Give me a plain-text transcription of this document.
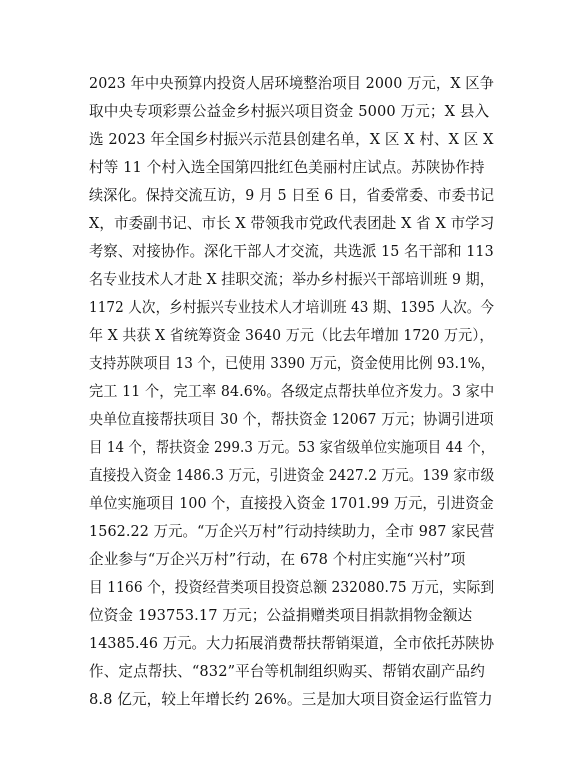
2023 年中央预算内投资人居环境整治项目 2000 万元，X 区争
取中央专项彩票公益金乡村振兴项目资金 5000 万元；X 县入
选 2023 年全国乡村振兴示范县创建名单，X 区 X 村、X 区 X
村等 11 个村入选全国第四批红色美丽村庄试点。苏陕协作持
续深化。保持交流互访，9 月 5 日至 6 日，省委常委、市委书记
X，市委副书记、市长 X 带领我市党政代表团赴 X 省 X 市学习
考察、对接协作。深化干部人才交流，共选派 15 名干部和 113
名专业技术人才赴 X 挂职交流；举办乡村振兴干部培训班 9 期，
1172 人次，乡村振兴专业技术人才培训班 43 期、1395 人次。今
年 X 共获 X 省统筹资金 3640 万元（比去年增加 1720 万元），
支持苏陕项目 13 个，已使用 3390 万元，资金使用比例 93.1%，
完工 11 个，完工率 84.6%。各级定点帮扶单位齐发力。3 家中
央单位直接帮扶项目 30 个，帮扶资金 12067 万元；协调引进项
目 14 个，帮扶资金 299.3 万元。53 家省级单位实施项目 44 个，
直接投入资金 1486.3 万元，引进资金 2427.2 万元。139 家市级
单位实施项目 100 个，直接投入资金 1701.99 万元，引进资金
1562.22 万元。“万企兴万村”行动持续助力，全市 987 家民营
企业参与“万企兴万村”行动，在 678 个村庄实施“兴村”项
目 1166 个，投资经营类项目投资总额 232080.75 万元，实际到
位资金 193753.17 万元；公益捐赠类项目捐款捐物金额达
14385.46 万元。大力拓展消费帮扶帮销渠道，全市依托苏陕协
作、定点帮扶、“832”平台等机制组织购买、帮销农副产品约
8.8 亿元，较上年增长约 26%。三是加大项目资金运行监管力
